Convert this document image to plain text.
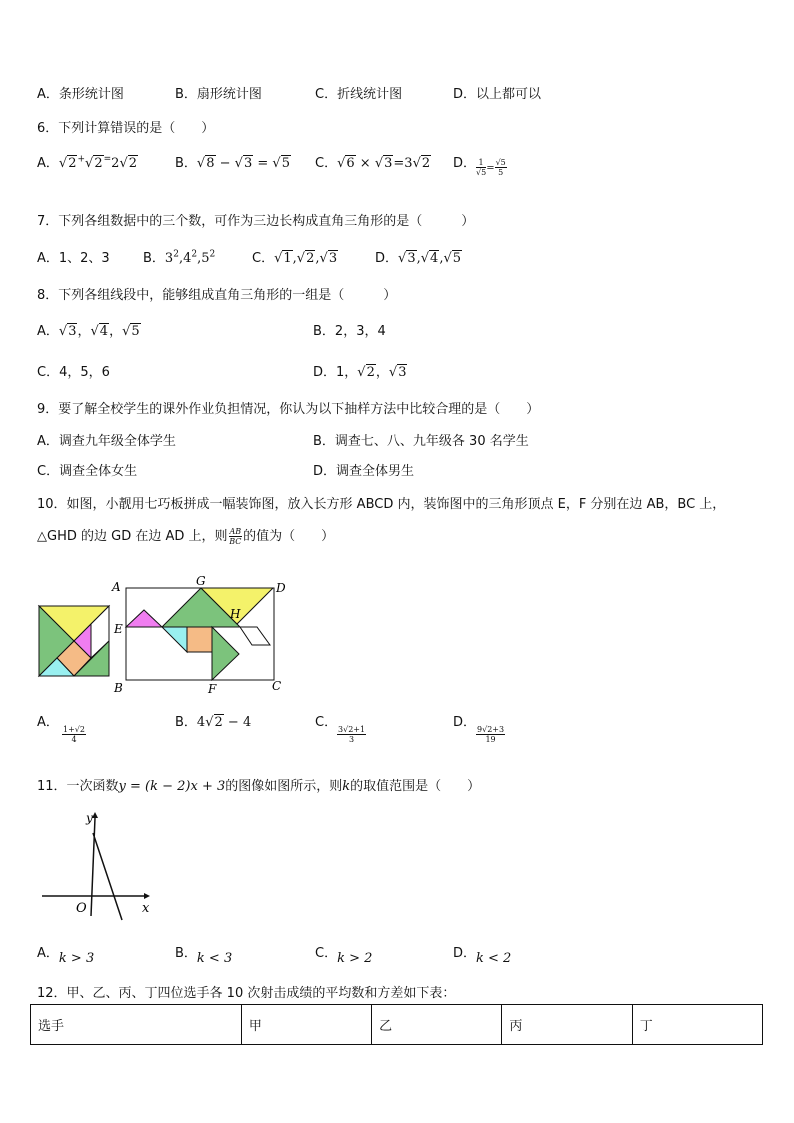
A．条形统计图	B．扇形统计图	C．折线统计图	D．以上都可以
6．下列计算错误的是（　　）
A．√2+√2=2√2	B．√8 − √3 = √5 C．√6 × √3=3√2 D． $\frac{1}{√5} = \frac{√5}{5}$
7．下列各组数据中的三个数，可作为三边长构成直角三角形的是（　　　）
A．1、2、3	B．$3^2,4^2,5^2$	C．√1,√2,√3	D．√3,√4,√5
8．下列各组线段中，能够组成直角三角形的一组是（　　　）
A．√3，√4，√5	B．2，3，4
C．4，5，6	D．1，√2，√3
9．要了解全校学生的课外作业负担情况，你认为以下抽样方法中比较合理的是（　　）
A．调查九年级全体学生	B．调查七、八、九年级各 30 名学生
C．调查全体女生	D．调查全体男生
10．如图，小靓用七巧板拼成一幅装饰图，放入长方形 ABCD 内，装饰图中的三角形顶点 E，F 分别在边 AB，BC 上，
△GHD 的边 GD 在边 AD 上，则 $\frac{AB}{BC}$ 的值为（　　）
A
E
B
G	D
H
F	C
A．
$\frac{1+√2}{4}$
B．4√2 − 4	C．
$\frac{3√2+1}{3}$
D．
$\frac{9√2+3}{19}$
11．一次函数y = (k − 2)x + 3的图像如图所示，则k的取值范围是（　　）
y
x
O
A．k > 3	B．k < 3	C．k > 2	D．k < 2
12．甲、乙、丙、丁四位选手各 10 次射击成绩的平均数和方差如下表：
选手	甲	乙	丙	丁
